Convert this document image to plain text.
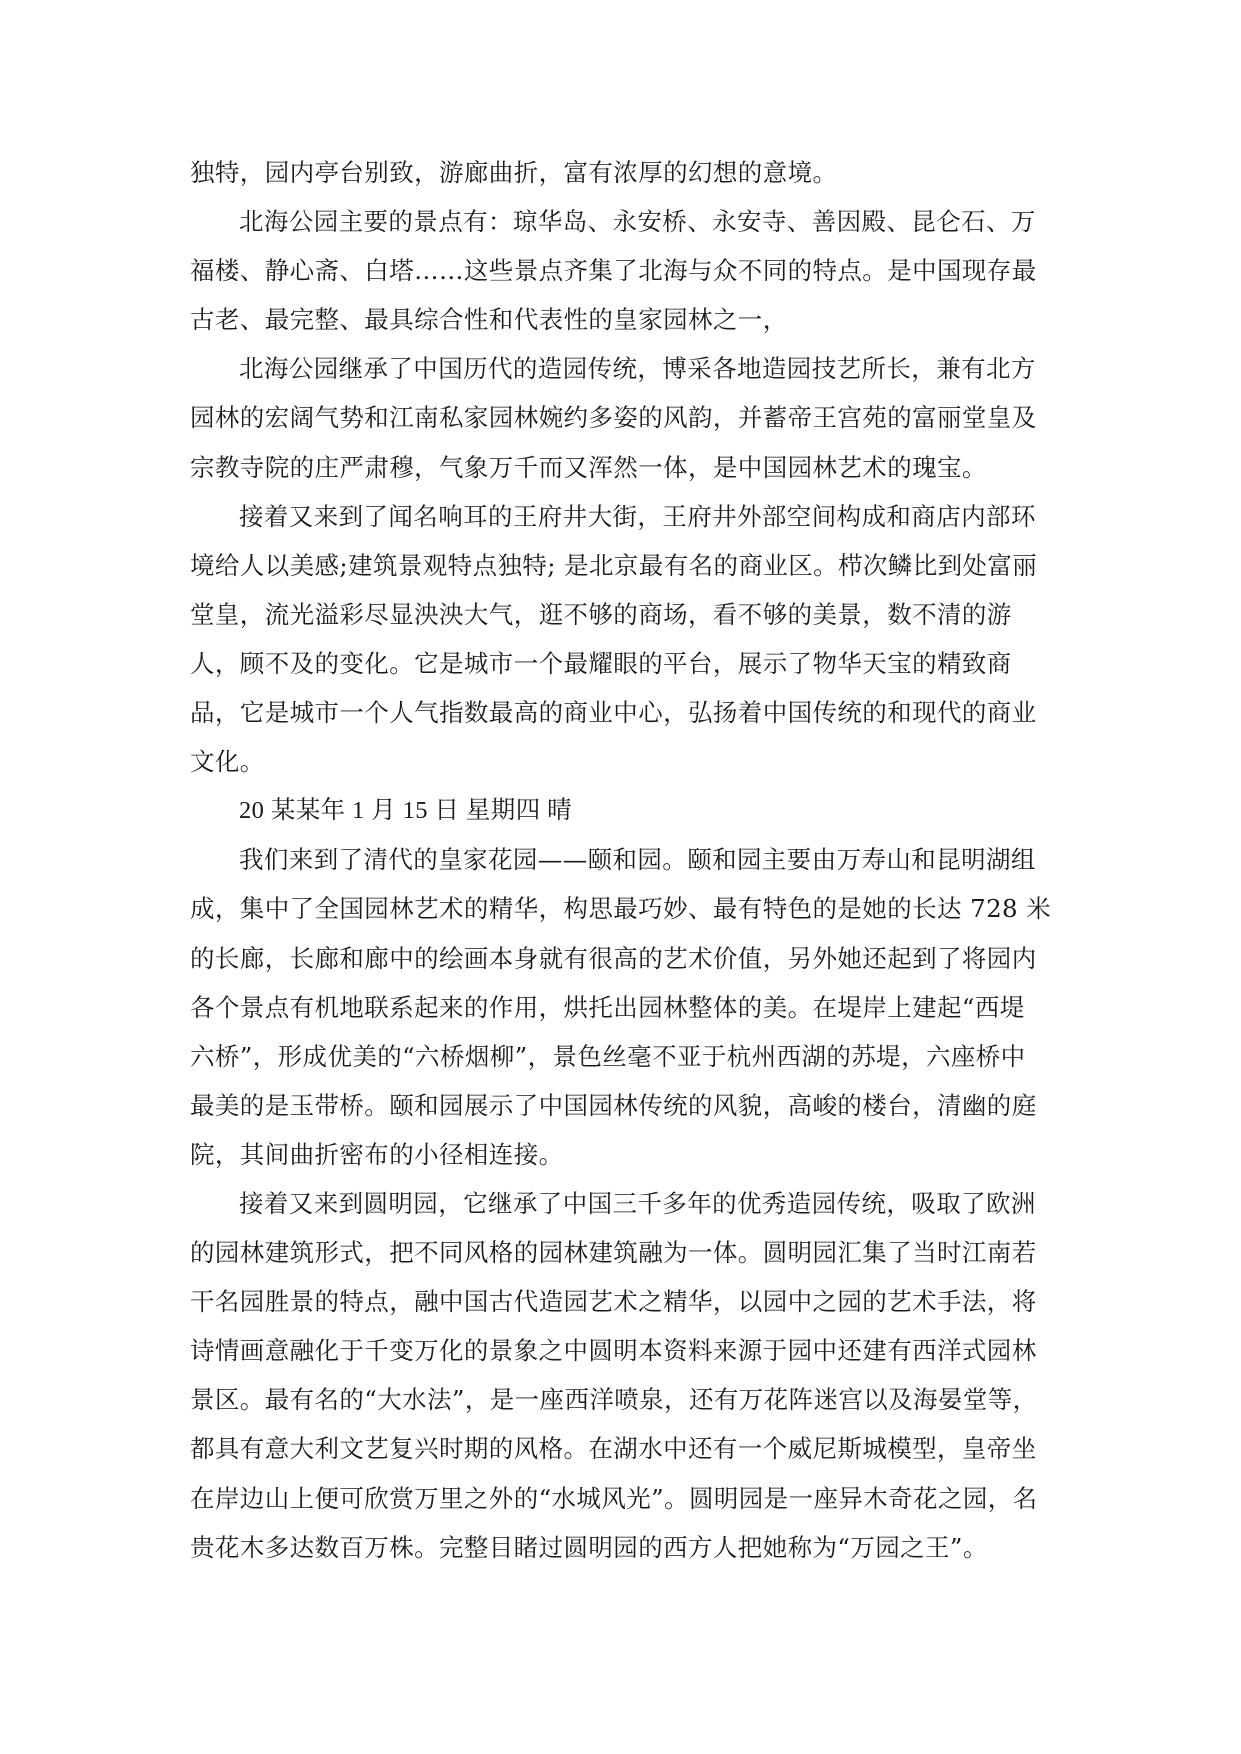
独特，园内亭台别致，游廊曲折，富有浓厚的幻想的意境。
北海公园主要的景点有：琼华岛、永安桥、永安寺、善因殿、昆仑石、万
福楼、静心斋、白塔……这些景点齐集了北海与众不同的特点。是中国现存最
古老、最完整、最具综合性和代表性的皇家园林之一，
北海公园继承了中国历代的造园传统，博采各地造园技艺所长，兼有北方
园林的宏阔气势和江南私家园林婉约多姿的风韵，并蓄帝王宫苑的富丽堂皇及
宗教寺院的庄严肃穆，气象万千而又浑然一体，是中国园林艺术的瑰宝。
接着又来到了闻名响耳的王府井大街，王府井外部空间构成和商店内部环
境给人以美感;建筑景观特点独特; 是北京最有名的商业区。栉次鳞比到处富丽
堂皇，流光溢彩尽显泱泱大气，逛不够的商场，看不够的美景，数不清的游
人，顾不及的变化。它是城市一个最耀眼的平台，展示了物华天宝的精致商
品，它是城市一个人气指数最高的商业中心，弘扬着中国传统的和现代的商业
文化。
20 某某年 1 月 15 日 星期四 晴
我们来到了清代的皇家花园——颐和园。颐和园主要由万寿山和昆明湖组
成，集中了全国园林艺术的精华，构思最巧妙、最有特色的是她的长达 728 米
的长廊，长廊和廊中的绘画本身就有很高的艺术价值，另外她还起到了将园内
各个景点有机地联系起来的作用，烘托出园林整体的美。在堤岸上建起“西堤
六桥”，形成优美的“六桥烟柳”，景色丝毫不亚于杭州西湖的苏堤，六座桥中
最美的是玉带桥。颐和园展示了中国园林传统的风貌，高峻的楼台，清幽的庭
院，其间曲折密布的小径相连接。
接着又来到圆明园，它继承了中国三千多年的优秀造园传统，吸取了欧洲
的园林建筑形式，把不同风格的园林建筑融为一体。圆明园汇集了当时江南若
干名园胜景的特点，融中国古代造园艺术之精华，以园中之园的艺术手法，将
诗情画意融化于千变万化的景象之中圆明本资料来源于园中还建有西洋式园林
景区。最有名的“大水法”，是一座西洋喷泉，还有万花阵迷宫以及海晏堂等，
都具有意大利文艺复兴时期的风格。在湖水中还有一个威尼斯城模型，皇帝坐
在岸边山上便可欣赏万里之外的“水城风光”。圆明园是一座异木奇花之园，名
贵花木多达数百万株。完整目睹过圆明园的西方人把她称为“万园之王”。
